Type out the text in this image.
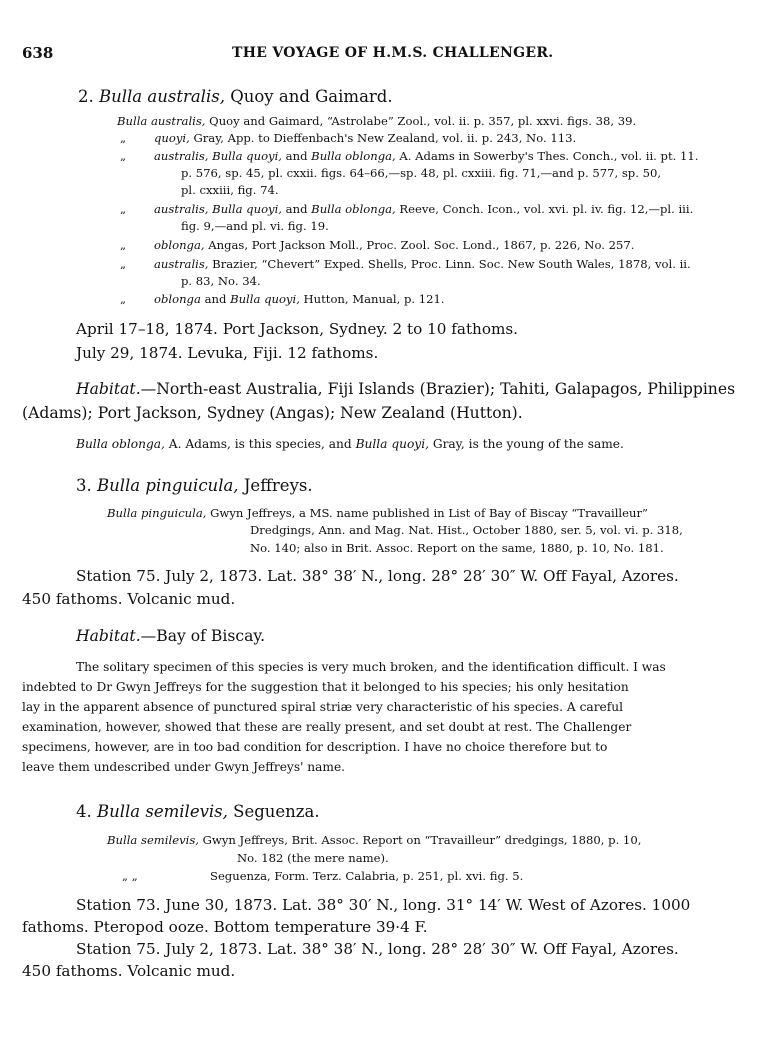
638	THE VOYAGE OF H.M.S. CHALLENGER.
2. Bulla australis, Quoy and Gaimard.
Bulla australis, Quoy and Gaimard, “Astrolabe” Zool., vol. ii. p. 357, pl. xxvi. figs. 38, 39.
„ quoyi, Gray, App. to Dieffenbach's New Zealand, vol. ii. p. 243, No. 113.
„ australis, Bulla quoyi, and Bulla oblonga, A. Adams in Sowerby's Thes. Conch., vol. ii. pt. 11.
p. 576, sp. 45, pl. cxxii. figs. 64–66,—sp. 48, pl. cxxiii. fig. 71,—and p. 577, sp. 50,
pl. cxxiii, fig. 74.
„ australis, Bulla quoyi, and Bulla oblonga, Reeve, Conch. Icon., vol. xvi. pl. iv. fig. 12,—pl. iii.
fig. 9,—and pl. vi. fig. 19.
„ oblonga, Angas, Port Jackson Moll., Proc. Zool. Soc. Lond., 1867, p. 226, No. 257.
„ australis, Brazier, “Chevert” Exped. Shells, Proc. Linn. Soc. New South Wales, 1878, vol. ii.
p. 83, No. 34.
„ oblonga and Bulla quoyi, Hutton, Manual, p. 121.
April 17–18, 1874. Port Jackson, Sydney. 2 to 10 fathoms.
July 29, 1874. Levuka, Fiji. 12 fathoms.
Habitat.—North-east Australia, Fiji Islands (Brazier); Tahiti, Galapagos, Philippines
(Adams); Port Jackson, Sydney (Angas); New Zealand (Hutton).
Bulla oblonga, A. Adams, is this species, and Bulla quoyi, Gray, is the young of the same.
3. Bulla pinguicula, Jeffreys.
Bulla pinguicula, Gwyn Jeffreys, a MS. name published in List of Bay of Biscay “Travailleur”
Dredgings, Ann. and Mag. Nat. Hist., October 1880, ser. 5, vol. vi. p. 318,
No. 140; also in Brit. Assoc. Report on the same, 1880, p. 10, No. 181.
Station 75. July 2, 1873. Lat. 38° 38′ N., long. 28° 28′ 30″ W. Off Fayal, Azores.
450 fathoms. Volcanic mud.
Habitat.—Bay of Biscay.
The solitary specimen of this species is very much broken, and the identification difficult. I was
indebted to Dr Gwyn Jeffreys for the suggestion that it belonged to his species; his only hesitation
lay in the apparent absence of punctured spiral striæ very characteristic of his species. A careful
examination, however, showed that these are really present, and set doubt at rest. The Challenger
specimens, however, are in too bad condition for description. I have no choice therefore but to
leave them undescribed under Gwyn Jeffreys' name.
4. Bulla semilevis, Seguenza.
Bulla semilevis, Gwyn Jeffreys, Brit. Assoc. Report on “Travailleur” dredgings, 1880, p. 10,
No. 182 (the mere name).
„ „	Seguenza, Form. Terz. Calabria, p. 251, pl. xvi. fig. 5.
Station 73. June 30, 1873. Lat. 38° 30′ N., long. 31° 14′ W. West of Azores. 1000
fathoms. Pteropod ooze. Bottom temperature 39·4 F.
Station 75. July 2, 1873. Lat. 38° 38′ N., long. 28° 28′ 30″ W. Off Fayal, Azores.
450 fathoms. Volcanic mud.
